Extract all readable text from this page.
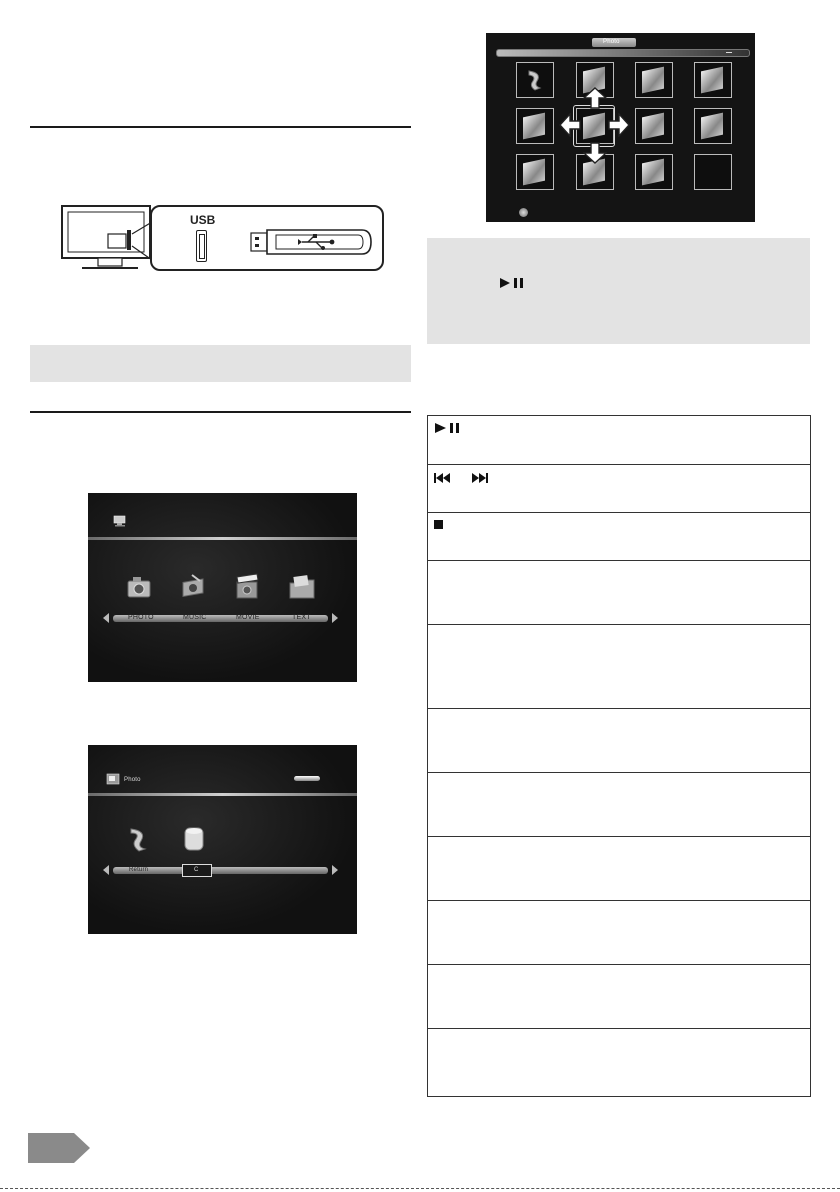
USB
PHOTO	MUSIC	MOVIE	TEXT
Photo
Return	C
Photo
